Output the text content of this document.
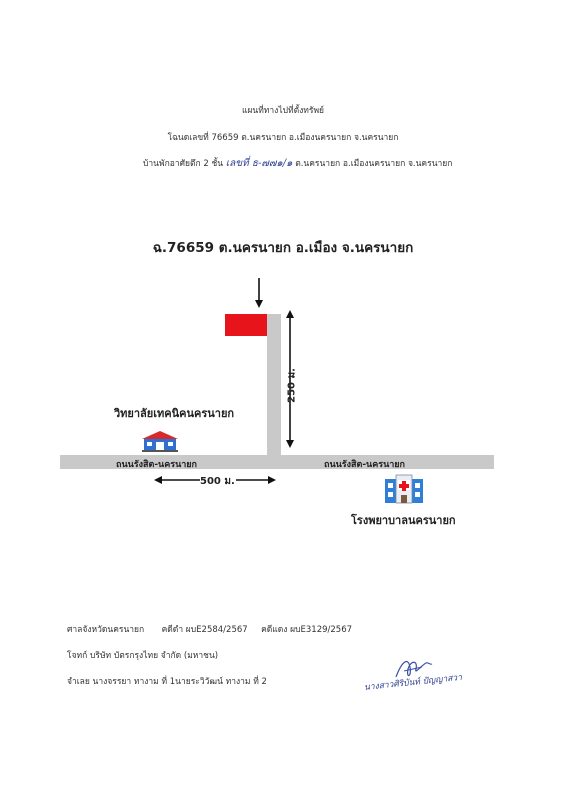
แผนที่ทางไปที่ตั้งทรัพย์
โฉนดเลขที่ 76659 ต.นครนายก อ.เมืองนครนายก จ.นครนายก
บ้านพักอาศัยตึก 2 ชั้น เลขที่ ธ-๗๗๑/๑ ต.นครนายก อ.เมืองนครนายก จ.นครนายก
ฉ.76659 ต.นครนายก อ.เมือง จ.นครนายก
250 ม.
500 ม.
ถนนรังสิต-นครนายก	ถนนรังสิต-นครนายก
วิทยาลัยเทคนิคนครนายก
โรงพยาบาลนครนายก
ศาลจังหวัดนครนายก คดีดำ ผบE2584/2567 คดีแดง ผบE3129/2567
โจทก์ บริษัท บัตรกรุงไทย จำกัด (มหาชน)
จำเลย นางจรรยา ทางาม ที่ 1นายระวิวัฒน์ ทางาม ที่ 2	นางสาวศิริบันท์ ปัญญาสวา
